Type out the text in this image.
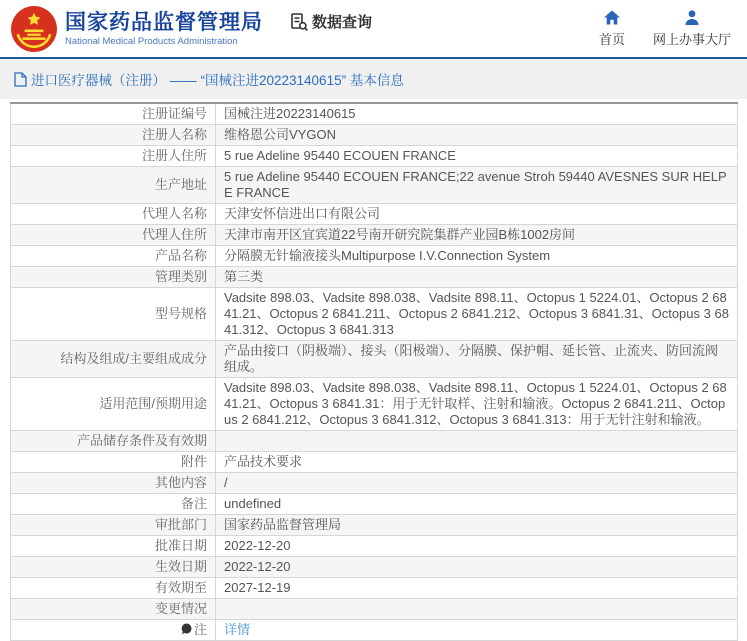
国家药品监督管理局
National Medical Products Administration
数据查询
首页 网上办事大厅
进口医疗器械（注册） —— “国械注进20223140615” 基本信息
注册证编号	国械注进20223140615
注册人名称	维格恩公司VYGON
注册人住所	5 rue Adeline 95440 ECOUEN FRANCE
生产地址	5 rue Adeline 95440 ECOUEN FRANCE;22 avenue Stroh 59440 AVESNES SUR HELPE FRANCE
代理人名称	天津安怀信进出口有限公司
代理人住所	天津市南开区宜宾道22号南开研究院集群产业园B栋1002房间
产品名称	分隔膜无针输液接头Multipurpose I.V.Connection System
管理类别	第三类
型号规格	Vadsite 898.03、Vadsite 898.038、Vadsite 898.11、Octopus 1 5224.01、Octopus 2 6841.21、Octopus 2 6841.211、Octopus 2 6841.212、Octopus 3 6841.31、Octopus 3 6841.312、Octopus 3 6841.313
结构及组成/主要组成成分	产品由接口（阴极端）、接头（阳极端）、分隔膜、保护帽、延长管、止流夹、防回流阀组成。
适用范围/预期用途	Vadsite 898.03、Vadsite 898.038、Vadsite 898.11、Octopus 1 5224.01、Octopus 2 6841.21、Octopus 3 6841.31：用于无针取样、注射和输液。Octopus 2 6841.211、Octopus 2 6841.212、Octopus 3 6841.312、Octopus 3 6841.313：用于无针注射和输液。
产品储存条件及有效期	
附件	产品技术要求
其他内容	/
备注	undefined
审批部门	国家药品监督管理局
批准日期	2022-12-20
生效日期	2022-12-20
有效期至	2027-12-19
变更情况	
注	详情
